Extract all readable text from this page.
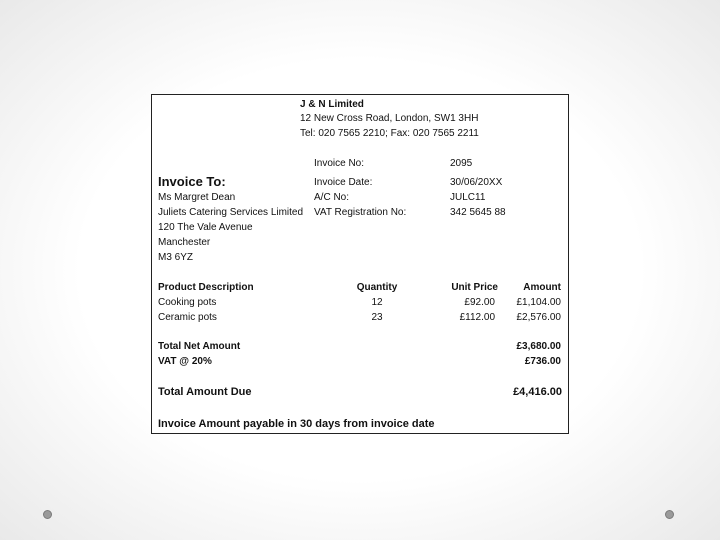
J & N Limited
12 New Cross Road, London, SW1 3HH
Tel: 020 7565 2210; Fax: 020 7565 2211
Invoice No:	2095
Invoice Date:	30/06/20XX
A/C No:	JULC11
VAT Registration No:	342 5645 88
Invoice To:
Ms Margret Dean
Juliets Catering Services Limited
120 The Vale Avenue
Manchester
M3 6YZ
Product Description	Quantity	Unit Price	Amount
Cooking pots	12	£92.00	£1,104.00
Ceramic pots	23	£112.00	£2,576.00
Total Net Amount	£3,680.00
VAT @ 20%	£736.00
Total Amount Due	£4,416.00
Invoice Amount payable in 30 days from invoice date
